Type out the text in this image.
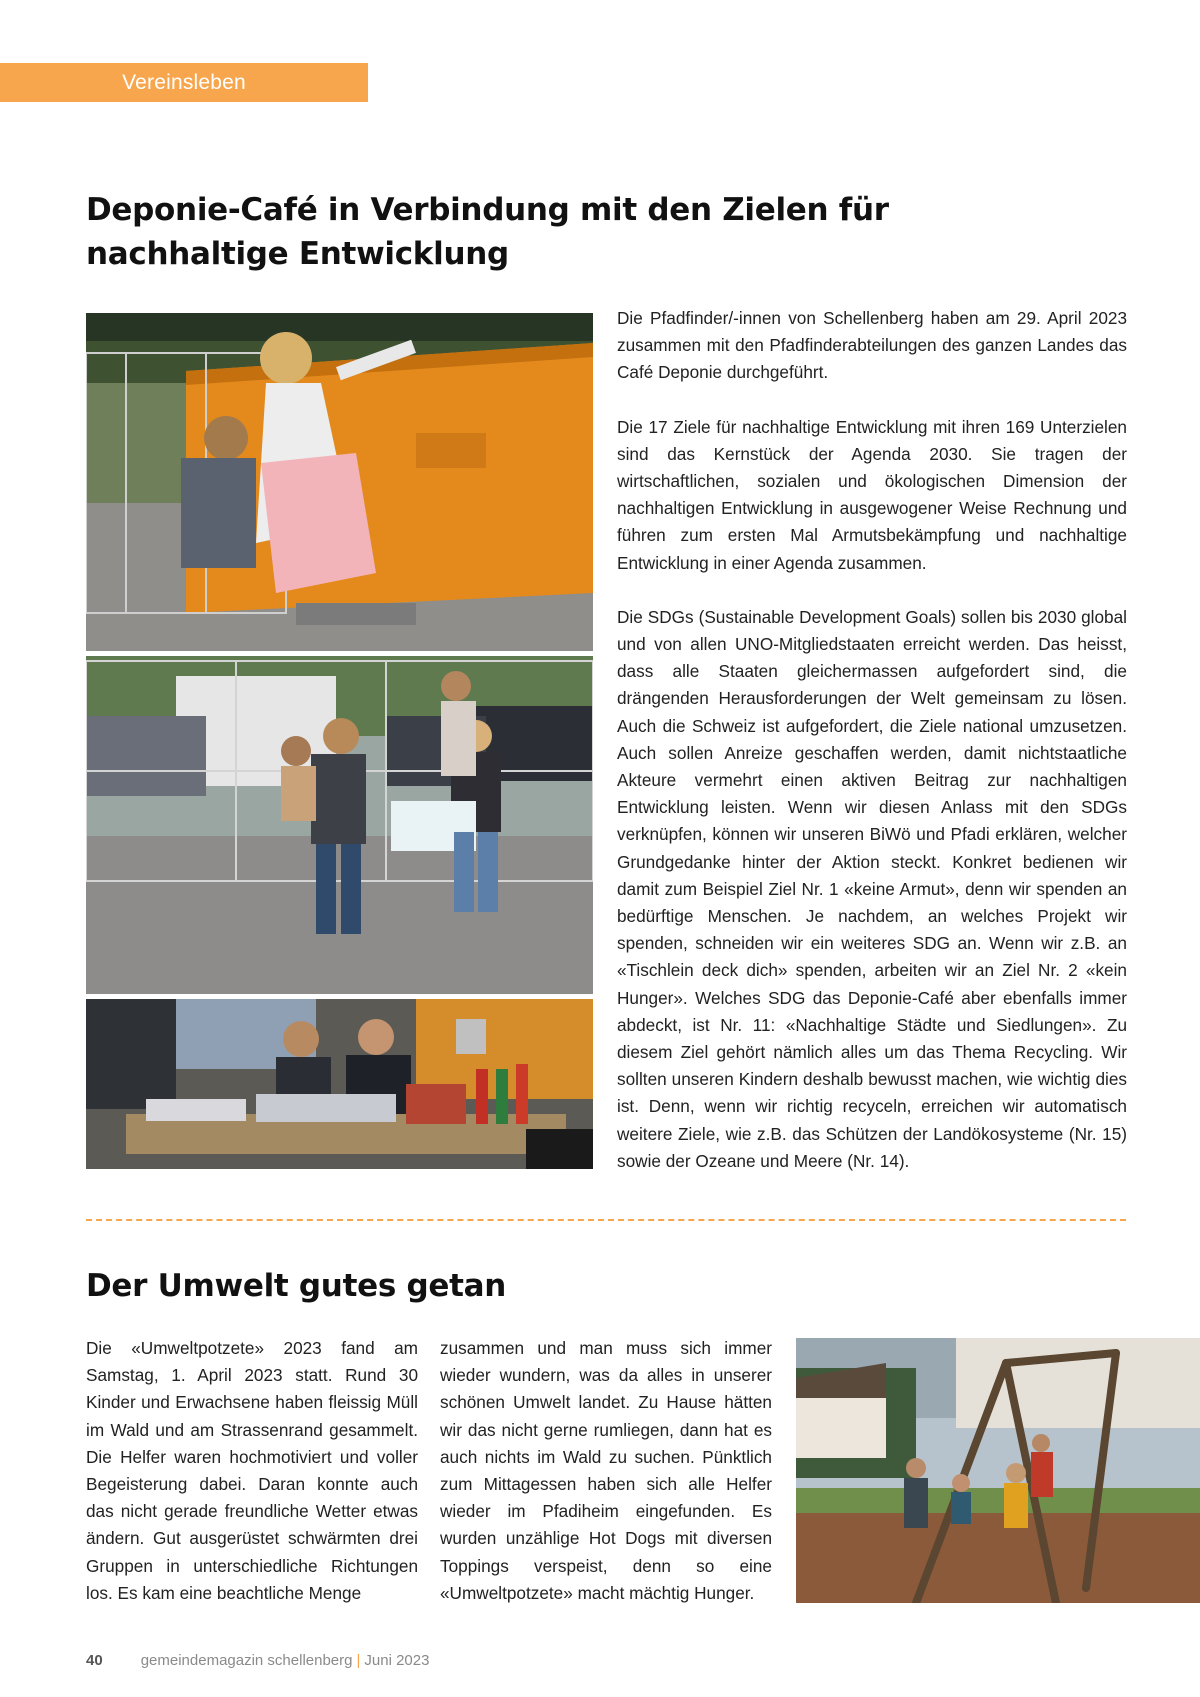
Vereinsleben
Deponie-Café in Verbindung mit den Zielen für nachhaltige Entwicklung

Die Pfadfinder/-innen von Schellenberg haben am 29. April 2023 zusammen mit den Pfadfinderabteilungen des ganzen Landes das Café Deponie durchgeführt.

Die 17 Ziele für nachhaltige Entwicklung mit ihren 169 Unterzielen sind das Kernstück der Agenda 2030. Sie tragen der wirtschaftlichen, sozialen und ökologischen Dimension der nachhaltigen Entwicklung in ausgewogener Weise Rechnung und führen zum ersten Mal Armutsbekämpfung und nachhaltige Entwicklung in einer Agenda zusammen.

Die SDGs (Sustainable Development Goals) sollen bis 2030 global und von allen UNO-Mitgliedstaaten erreicht werden. Das heisst, dass alle Staaten gleichermassen aufgefordert sind, die drängenden Herausforderungen der Welt gemeinsam zu lösen. Auch die Schweiz ist aufgefordert, die Ziele national umzusetzen. Auch sollen Anreize geschaffen werden, damit nichtstaatliche Akteure vermehrt einen aktiven Beitrag zur nachhaltigen Entwicklung leisten. Wenn wir diesen Anlass mit den SDGs verknüpfen, können wir unseren BiWö und Pfadi erklären, welcher Grundgedanke hinter der Aktion steckt. Konkret bedienen wir damit zum Beispiel Ziel Nr. 1 «keine Armut», denn wir spenden an bedürftige Menschen. Je nachdem, an welches Projekt wir spenden, schneiden wir ein weiteres SDG an. Wenn wir z.B. an «Tischlein deck dich» spenden, arbeiten wir an Ziel Nr. 2 «kein Hunger». Welches SDG das Deponie-Café aber ebenfalls immer abdeckt, ist Nr. 11: «Nachhaltige Städte und Siedlungen». Zu diesem Ziel gehört nämlich alles um das Thema Recycling. Wir sollten unseren Kindern deshalb bewusst machen, wie wichtig dies ist. Denn, wenn wir richtig recyceln, erreichen wir automatisch weitere Ziele, wie z.B. das Schützen der Landökosysteme (Nr. 15) sowie der Ozeane und Meere (Nr. 14).

Der Umwelt gutes getan

Die «Umweltpotzete» 2023 fand am Samstag, 1. April 2023 statt. Rund 30 Kinder und Erwachsene haben fleissig Müll im Wald und am Strassenrand gesammelt. Die Helfer waren hochmotiviert und voller Begeisterung dabei. Daran konnte auch das nicht gerade freundliche Wetter etwas ändern. Gut ausgerüstet schwärmten drei Gruppen in unterschiedliche Richtungen los. Es kam eine beachtliche Menge

zusammen und man muss sich immer wieder wundern, was da alles in unserer schönen Umwelt landet. Zu Hause hätten wir das nicht gerne rumliegen, dann hat es auch nichts im Wald zu suchen. Pünktlich zum Mittagessen haben sich alle Helfer wieder im Pfadiheim eingefunden. Es wurden unzählige Hot Dogs mit diversen Toppings verspeist, denn so eine «Umweltpotzete» macht mächtig Hunger.

40	gemeindemagazin schellenberg | Juni 2023
